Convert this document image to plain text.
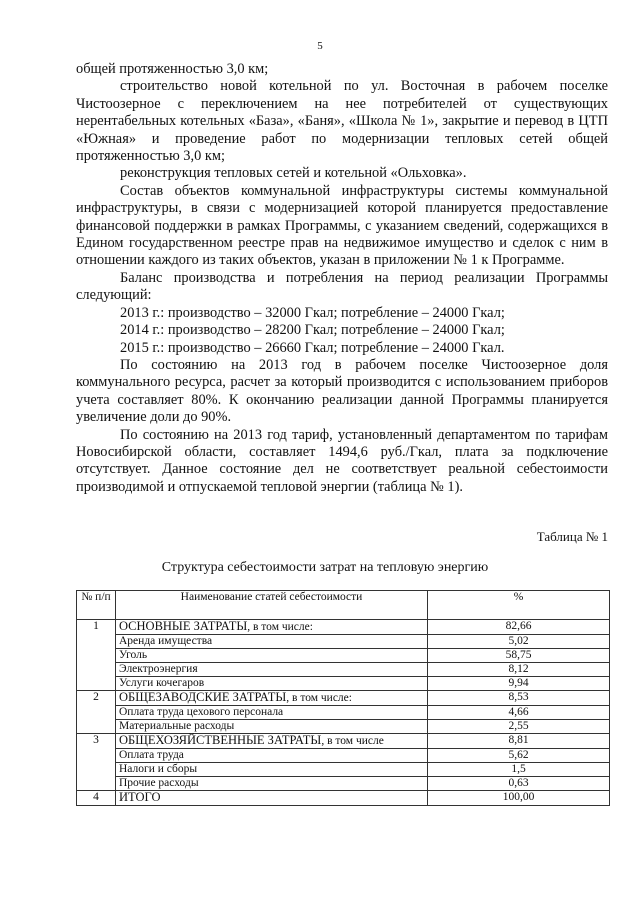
5

общей протяженностью 3,0 км;

строительство новой котельной по ул. Восточная в рабочем поселке Чистоозерное с переключением на нее потребителей от существующих нерентабельных котельных «База», «Баня», «Школа № 1», закрытие и перевод в ЦТП «Южная» и проведение работ по модернизации тепловых сетей общей протяженностью 3,0 км;

реконструкция тепловых сетей и котельной «Ольховка».

Состав объектов коммунальной инфраструктуры системы коммунальной инфраструктуры, в связи с модернизацией которой планируется предоставление финансовой поддержки в рамках Программы, с указанием сведений, содержащихся в Едином государственном реестре прав на недвижимое имущество и сделок с ним в отношении каждого из таких объектов, указан в приложении № 1 к Программе.

Баланс производства и потребления на период реализации Программы следующий:

2013 г.: производство – 32000 Гкал; потребление – 24000 Гкал;

2014 г.: производство – 28200 Гкал; потребление – 24000 Гкал;

2015 г.: производство – 26660 Гкал; потребление – 24000 Гкал.

По состоянию на 2013 год в рабочем поселке Чистоозерное доля коммунального ресурса, расчет за который производится с использованием приборов учета составляет 80%. К окончанию реализации данной Программы планируется увеличение доли до 90%.

По состоянию на 2013 год тариф, установленный департаментом по тарифам Новосибирской области, составляет 1494,6 руб./Гкал, плата за подключение отсутствует. Данное состояние дел не соответствует реальной себестоимости производимой и отпускаемой тепловой энергии (таблица № 1).

Таблица № 1
Структура себестоимости затрат на тепловую энергию
№ п/п	Наименование статей себестоимости	%
1	ОСНОВНЫЕ ЗАТРАТЫ, в том числе:	82,66
	Аренда имущества	5,02
	Уголь	58,75
	Электроэнергия	8,12
	Услуги кочегаров	9,94
2	ОБЩЕЗАВОДСКИЕ ЗАТРАТЫ, в том числе:	8,53
	Оплата труда цехового персонала	4,66
	Материальные расходы	2,55
3	ОБЩЕХОЗЯЙСТВЕННЫЕ ЗАТРАТЫ, в том числе	8,81
	Оплата труда	5,62
	Налоги и сборы	1,5
	Прочие расходы	0,63
4	ИТОГО	100,00
